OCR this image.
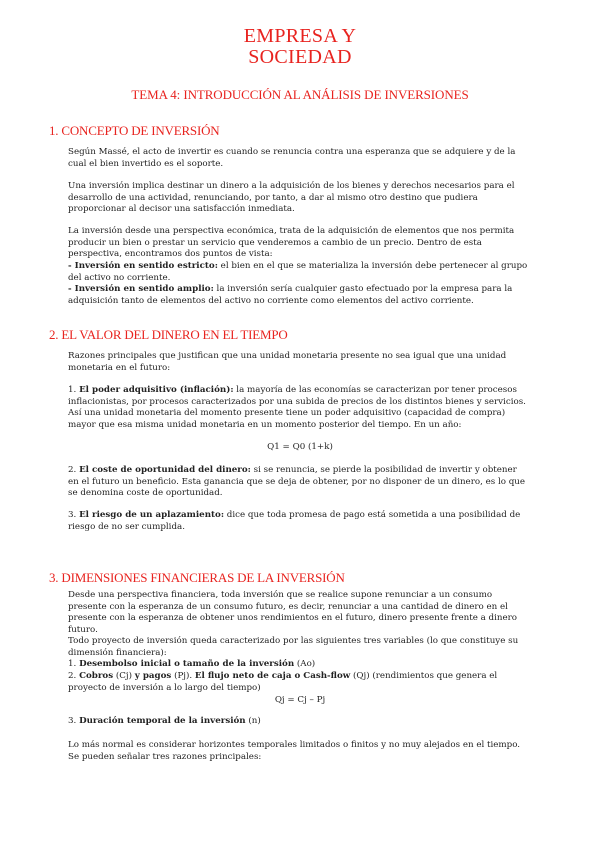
EMPRESA Y
SOCIEDAD
TEMA 4: INTRODUCCIÓN AL ANÁLISIS DE INVERSIONES
1. CONCEPTO DE INVERSIÓN

Según Massé, el acto de invertir es cuando se renuncia contra una esperanza que se adquiere y de la cual el bien invertido es el soporte.

Una inversión implica destinar un dinero a la adquisición de los bienes y derechos necesarios para el desarrollo de una actividad, renunciando, por tanto, a dar al mismo otro destino que pudiera proporcionar al decisor una satisfacción inmediata.

La inversión desde una perspectiva económica, trata de la adquisición de elementos que nos permita producir un bien o prestar un servicio que venderemos a cambio de un precio. Dentro de esta perspectiva, encontramos dos puntos de vista:

- Inversión en sentido estricto: el bien en el que se materializa la inversión debe pertenecer al grupo del activo no corriente.

- Inversión en sentido amplio: la inversión sería cualquier gasto efectuado por la empresa para la adquisición tanto de elementos del activo no corriente como elementos del activo corriente.

2. EL VALOR DEL DINERO EN EL TIEMPO

Razones principales que justifican que una unidad monetaria presente no sea igual que una unidad monetaria en el futuro:

1. El poder adquisitivo (inflación): la mayoría de las economías se caracterizan por tener procesos inflacionistas, por procesos caracterizados por una subida de precios de los distintos bienes y servicios. Así una unidad monetaria del momento presente tiene un poder adquisitivo (capacidad de compra) mayor que esa misma unidad monetaria en un momento posterior del tiempo. En un año:

Q1 = Q0 (1+k)

2. El coste de oportunidad del dinero: si se renuncia, se pierde la posibilidad de invertir y obtener en el futuro un beneficio. Esta ganancia que se deja de obtener, por no disponer de un dinero, es lo que se denomina coste de oportunidad.

3. El riesgo de un aplazamiento: dice que toda promesa de pago está sometida a una posibilidad de riesgo de no ser cumplida.

3. DIMENSIONES FINANCIERAS DE LA INVERSIÓN

Desde una perspectiva financiera, toda inversión que se realice supone renunciar a un consumo presente con la esperanza de un consumo futuro, es decir, renunciar a una cantidad de dinero en el presente con la esperanza de obtener unos rendimientos en el futuro, dinero presente frente a dinero futuro.

Todo proyecto de inversión queda caracterizado por las siguientes tres variables (lo que constituye su dimensión financiera):

1. Desembolso inicial o tamaño de la inversión (Ao)

2. Cobros (Cj) y pagos (Pj). El flujo neto de caja o Cash-flow (Qj) (rendimientos que genera el proyecto de inversión a lo largo del tiempo)

Qj = Cj – Pj

3. Duración temporal de la inversión (n)

Lo más normal es considerar horizontes temporales limitados o finitos y no muy alejados en el tiempo. Se pueden señalar tres razones principales:
